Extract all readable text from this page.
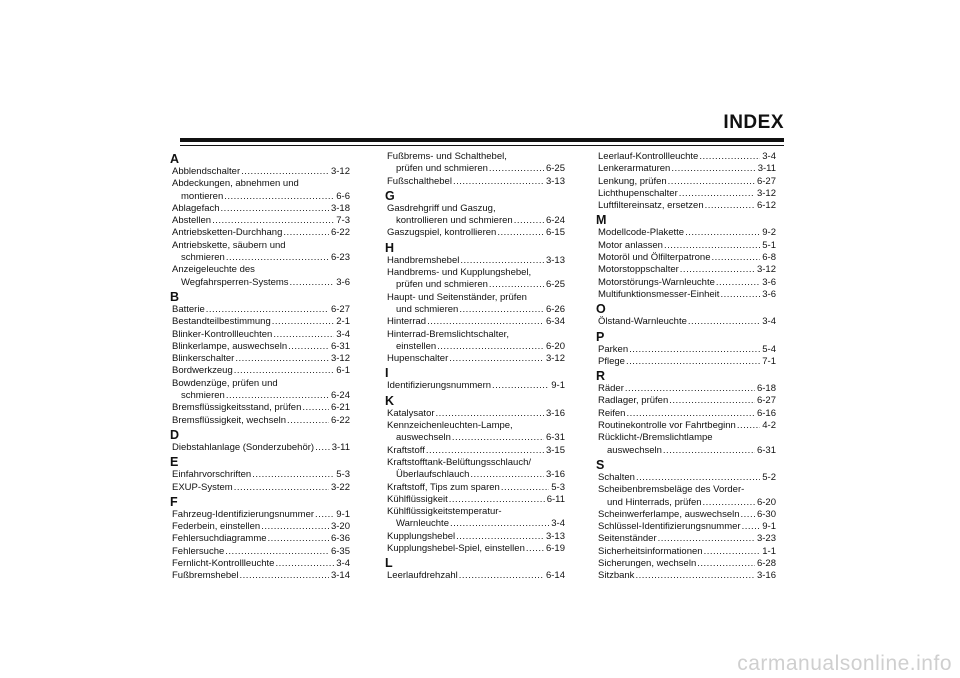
INDEX
A
Abblendschalter .....	3-12
Abdeckungen, abnehmen und
montieren .....	6-6
Ablagefach .....	3-18
Abstellen .....	7-3
Antriebsketten-Durchhang .....	6-22
Antriebskette, säubern und
schmieren .....	6-23
Anzeigeleuchte des
Wegfahrsperren-Systems .....	3-6
B
Batterie .....	6-27
Bestandteilbestimmung .....	2-1
Blinker-Kontrollleuchten .....	3-4
Blinkerlampe, auswechseln .....	6-31
Blinkerschalter .....	3-12
Bordwerkzeug .....	6-1
Bowdenzüge, prüfen und
schmieren .....	6-24
Bremsflüssigkeitsstand, prüfen .....	6-21
Bremsflüssigkeit, wechseln .....	6-22
D
Diebstahlanlage (Sonderzubehör) ..... 3-11
E
Einfahrvorschriften .....	5-3
EXUP-System .....	3-22
F
Fahrzeug-Identifizierungsnummer ..... 9-1
Federbein, einstellen .....	3-20
Fehlersuchdiagramme .....	6-36
Fehlersuche .....	6-35
Fernlicht-Kontrollleuchte .....	3-4
Fußbremshebel .....	3-14
Fußbrems- und Schalthebel,
prüfen und schmieren .....	6-25
Fußschalthebel .....	3-13
G
Gasdrehgriff und Gaszug,
kontrollieren und schmieren .....	6-24
Gaszugspiel, kontrollieren .....	6-15
H
Handbremshebel .....	3-13
Handbrems- und Kupplungshebel,
prüfen und schmieren .....	6-25
Haupt- und Seitenständer, prüfen
und schmieren .....	6-26
Hinterrad .....	6-34
Hinterrad-Bremslichtschalter,
einstellen .....	6-20
Hupenschalter .....	3-12
I
Identifizierungsnummern .....	9-1
K
Katalysator .....	3-16
Kennzeichenleuchten-Lampe,
auswechseln .....	6-31
Kraftstoff .....	3-15
Kraftstofftank-Belüftungsschlauch/
Überlaufschlauch .....	3-16
Kraftstoff, Tips zum sparen .....	5-3
Kühlflüssigkeit .....	6-11
Kühlflüssigkeitstemperatur-
Warnleuchte .....	3-4
Kupplungshebel .....	3-13
Kupplungshebel-Spiel, einstellen ..... 6-19
L
Leerlaufdrehzahl .....	6-14
Leerlauf-Kontrollleuchte .....	3-4
Lenkerarmaturen .....	3-11
Lenkung, prüfen .....	6-27
Lichthupenschalter .....	3-12
Luftfiltereinsatz, ersetzen .....	6-12
M
Modellcode-Plakette .....	9-2
Motor anlassen .....	5-1
Motoröl und Ölfilterpatrone .....	6-8
Motorstoppschalter .....	3-12
Motorstörungs-Warnleuchte .....	3-6
Multifunktionsmesser-Einheit .....	3-6
O
Ölstand-Warnleuchte .....	3-4
P
Parken .....	5-4
Pflege .....	7-1
R
Räder .....	6-18
Radlager, prüfen .....	6-27
Reifen .....	6-16
Routinekontrolle vor Fahrtbeginn .....	4-2
Rücklicht-/Bremslichtlampe
auswechseln .....	6-31
S
Schalten .....	5-2
Scheibenbremsbeläge des Vorder-
und Hinterrads, prüfen .....	6-20
Scheinwerferlampe, auswechseln ..... 6-30
Schlüssel-Identifizierungsnummer ..... 9-1
Seitenständer .....	3-23
Sicherheitsinformationen .....	1-1
Sicherungen, wechseln .....	6-28
Sitzbank .....	3-16
carmanualsonline.info
